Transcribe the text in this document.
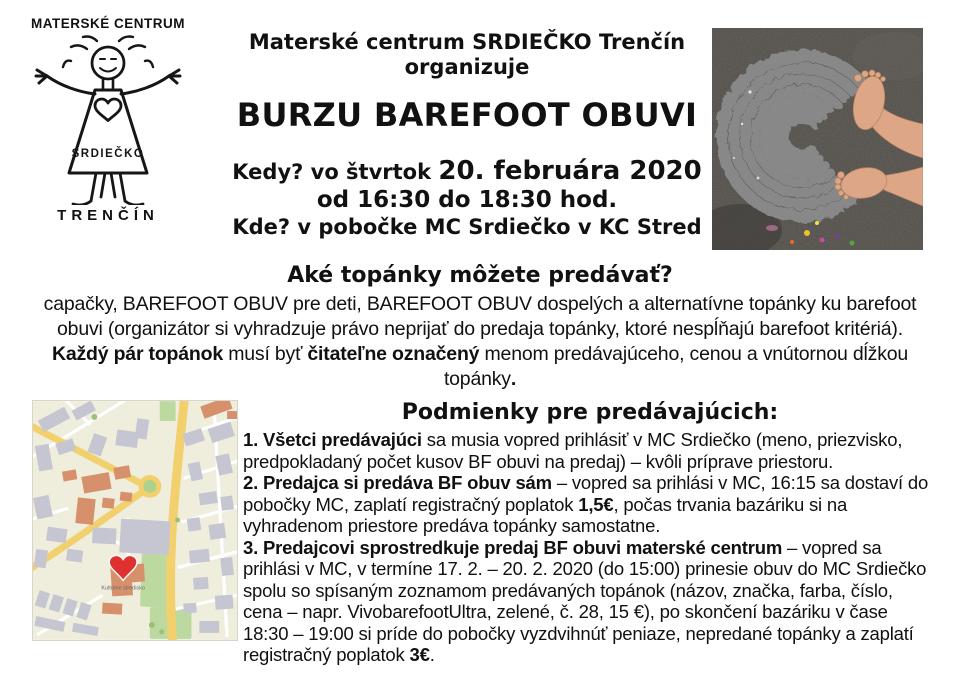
MATERSKÉ CENTRUM
SRDIEČKO
TRENČÍN
Materské centrum SRDIEČKO Trenčín
organizuje
BURZU BAREFOOT OBUVI
Kedy? vo štvrtok 20. februára 2020
od 16:30 do 18:30 hod.
Kde? v pobočke MC Srdiečko v KC Stred
Aké topánky môžete predávať?
capačky, BAREFOOT OBUV pre deti, BAREFOOT OBUV dospelých a alternatívne topánky ku barefoot obuvi (organizátor si vyhradzuje právo neprijať do predaja topánky, ktoré nespĺňajú barefoot kritériá). Každý pár topánok musí byť čitateľne označený menom predávajúceho, cenou a vnútornou dĺžkou topánky.
Kultúrne stredisko
Podmienky pre predávajúcich:

1. Všetci predávajúci sa musia vopred prihlásiť v MC Srdiečko (meno, priezvisko, predpokladaný počet kusov BF obuvi na predaj) – kvôli príprave priestoru.

2. Predajca si predáva BF obuv sám – vopred sa prihlási v MC, 16:15 sa dostaví do pobočky MC, zaplatí registračný poplatok 1,5€, počas trvania bazáriku si na vyhradenom priestore predáva topánky samostatne.

3. Predajcovi sprostredkuje predaj BF obuvi materské centrum – vopred sa prihlási v MC, v termíne 17. 2. – 20. 2. 2020 (do 15:00) prinesie obuv do MC Srdiečko spolu so spísaným zoznamom predávaných topánok (názov, značka, farba, číslo, cena – napr. VivobarefootUltra, zelené, č. 28, 15 €), po skončení bazáriku v čase 18:30 – 19:00 si príde do pobočky vyzdvihnúť peniaze, nepredané topánky a zaplatí registračný poplatok 3€.
